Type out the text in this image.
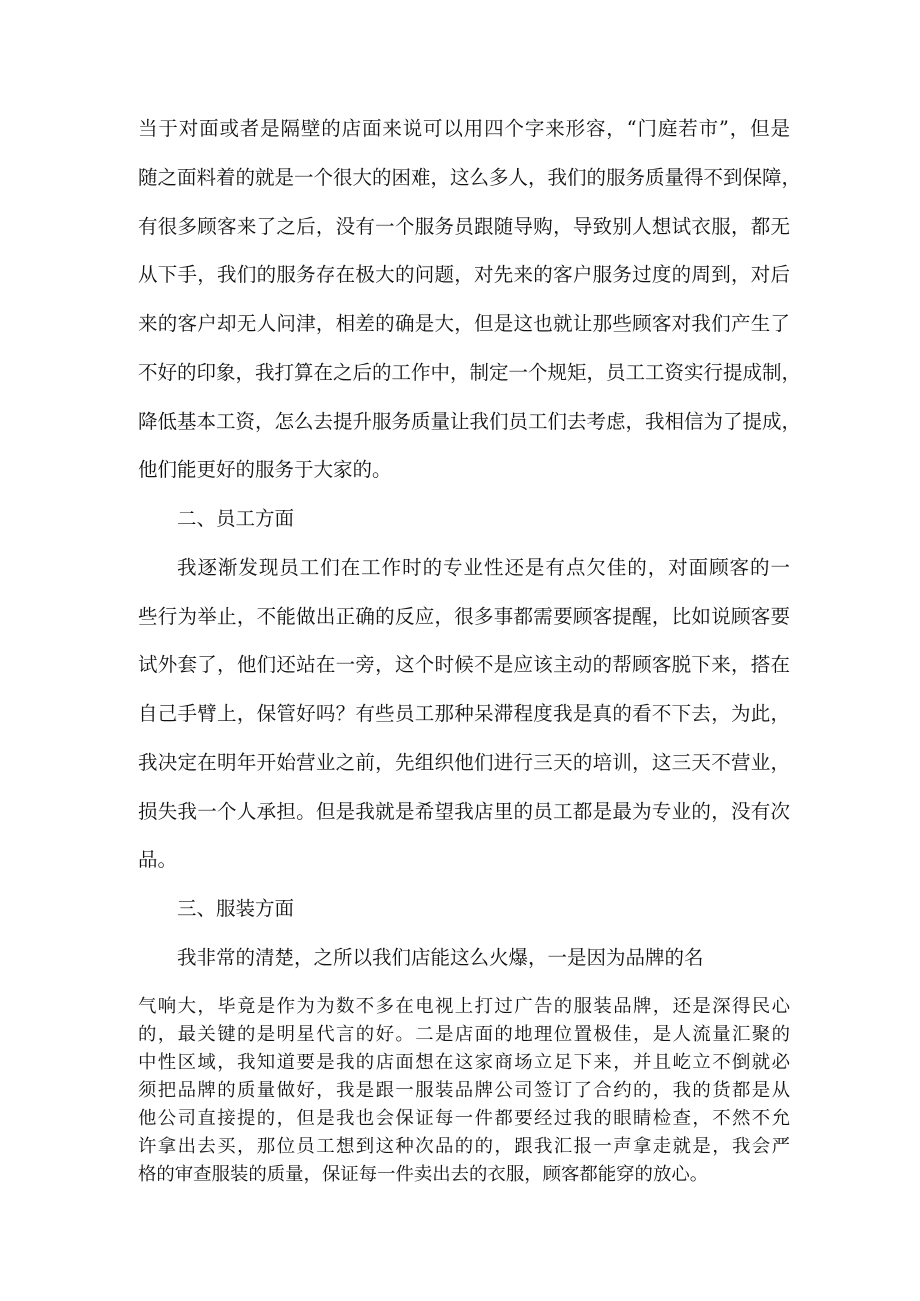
当于对面或者是隔壁的店面来说可以用四个字来形容，“门庭若市”，但是

随之面料着的就是一个很大的困难，这么多人，我们的服务质量得不到保障，

有很多顾客来了之后，没有一个服务员跟随导购，导致别人想试衣服，都无

从下手，我们的服务存在极大的问题，对先来的客户服务过度的周到，对后

来的客户却无人问津，相差的确是大，但是这也就让那些顾客对我们产生了

不好的印象，我打算在之后的工作中，制定一个规矩，员工工资实行提成制，

降低基本工资，怎么去提升服务质量让我们员工们去考虑，我相信为了提成，

他们能更好的服务于大家的。

二、员工方面

我逐渐发现员工们在工作时的专业性还是有点欠佳的，对面顾客的一

些行为举止，不能做出正确的反应，很多事都需要顾客提醒，比如说顾客要

试外套了，他们还站在一旁，这个时候不是应该主动的帮顾客脱下来，搭在

自己手臂上，保管好吗？有些员工那种呆滞程度我是真的看不下去，为此，

我决定在明年开始营业之前，先组织他们进行三天的培训，这三天不营业，

损失我一个人承担。但是我就是希望我店里的员工都是最为专业的，没有次

品。

三、服装方面

我非常的清楚，之所以我们店能这么火爆，一是因为品牌的名

气响大，毕竟是作为为数不多在电视上打过广告的服装品牌，还是深得民心

的，最关键的是明星代言的好。二是店面的地理位置极佳，是人流量汇聚的

中性区域，我知道要是我的店面想在这家商场立足下来，并且屹立不倒就必

须把品牌的质量做好，我是跟一服装品牌公司签订了合约的，我的货都是从

他公司直接提的，但是我也会保证每一件都要经过我的眼睛检查，不然不允

许拿出去买，那位员工想到这种次品的的，跟我汇报一声拿走就是，我会严

格的审查服装的质量，保证每一件卖出去的衣服，顾客都能穿的放心。
